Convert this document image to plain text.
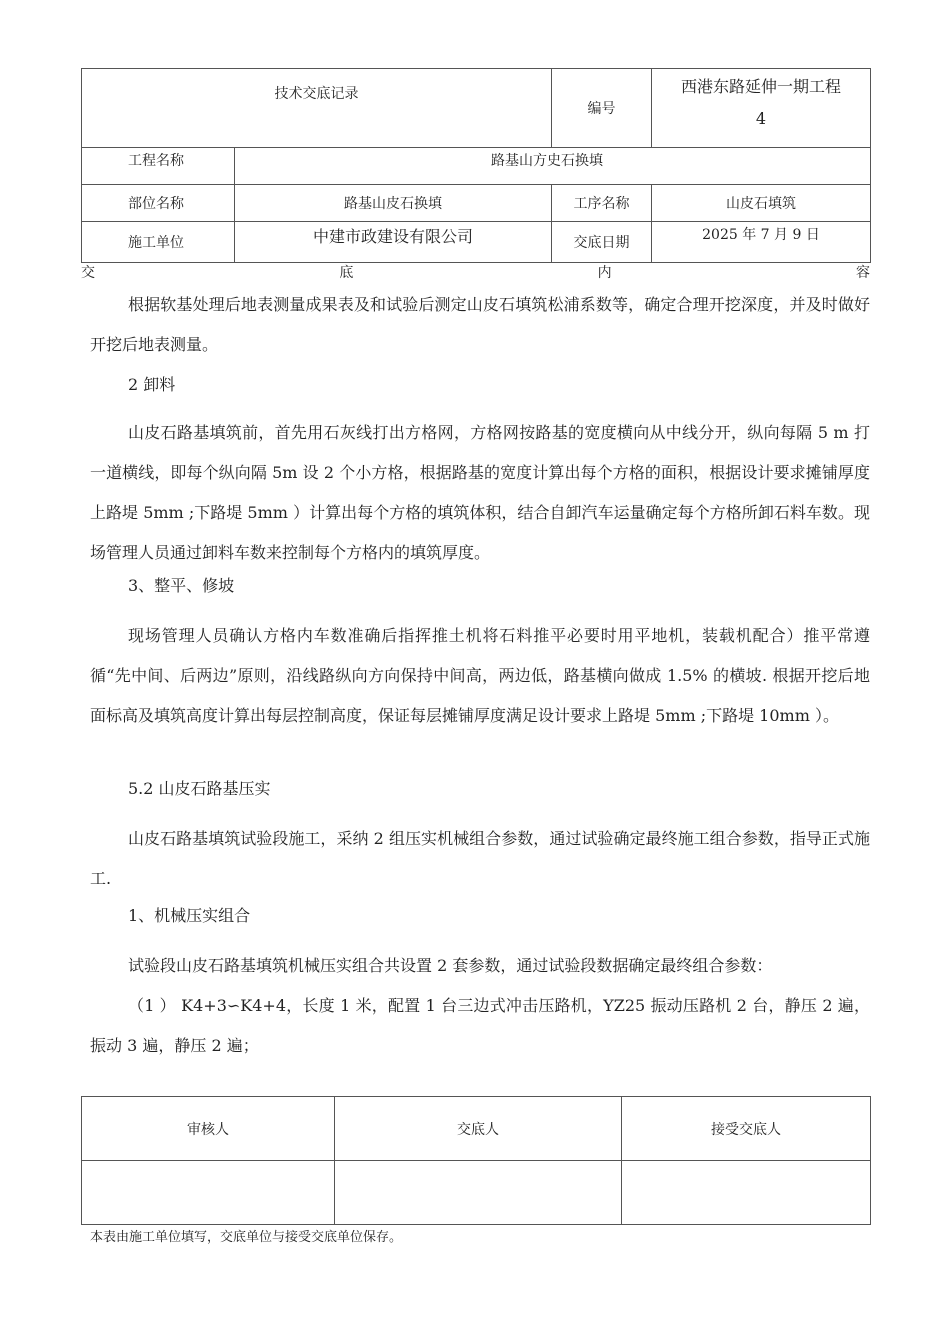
技术交底记录		编号	西港东路延伸一期工程
4

工程名称	路基山方史石换填		
部位名称	路基山皮石换填	工序名称	山皮石填筑
施工单位	中建市政建设有限公司	交底日期	2025 年 7 月 9 日
交	底	内	容

根据软基处理后地表测量成果表及和试验后测定山皮石填筑松浦系数等，确定合理开挖深度，并及时做好开挖后地表测量。

2 卸料

山皮石路基填筑前，首先用石灰线打出方格网，方格网按路基的宽度横向从中线分开，纵向每隔 5 m 打一道横线，即每个纵向隔 5m 设 2 个小方格，根据路基的宽度计算出每个方格的面积，根据设计要求摊铺厚度上路堤 5mm ;下路堤 5mm ）计算出每个方格的填筑体积，结合自卸汽车运量确定每个方格所卸石料车数。现场管理人员通过卸料车数来控制每个方格内的填筑厚度。

3、整平、修坡

现场管理人员确认方格内车数准确后指挥推土机将石料推平必要时用平地机，装载机配合）推平常遵循“先中间、后两边”原则，沿线路纵向方向保持中间高，两边低，路基横向做成 1.5% 的横坡. 根据开挖后地面标高及填筑高度计算出每层控制高度，保证每层摊铺厚度满足设计要求上路堤 5mm ;下路堤 10mm ）。

5.2 山皮石路基压实

山皮石路基填筑试验段施工，采纳 2 组压实机械组合参数，通过试验确定最终施工组合参数，指导正式施工.

1、机械压实组合

试验段山皮石路基填筑机械压实组合共设置 2 套参数，通过试验段数据确定最终组合参数：

（1 ） K4+3∽K4+4，长度 1 米，配置 1 台三边式冲击压路机，YZ25 振动压路机 2 台，静压 2 遍，振动 3 遍，静压 2 遍；

审核人	交底人	接受交底人

本表由施工单位填写，交底单位与接受交底单位保存。
